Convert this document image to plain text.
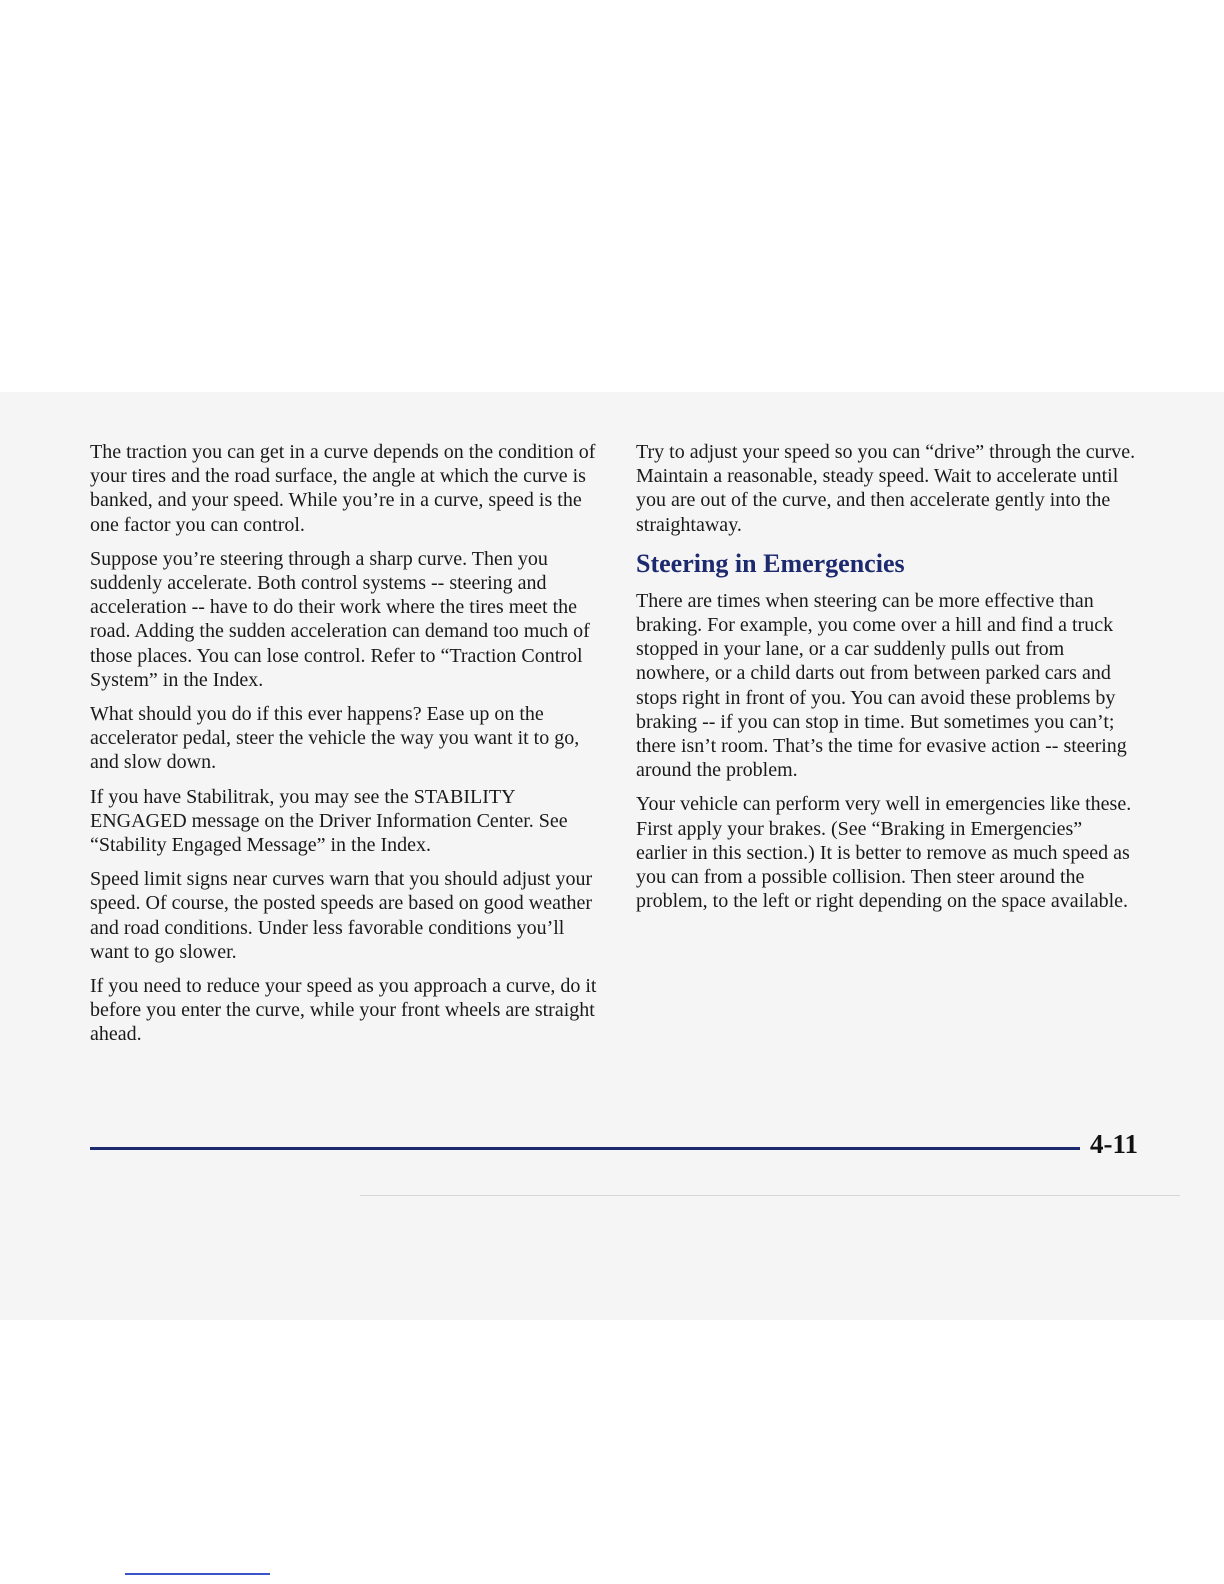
The traction you can get in a curve depends on the condition of your tires and the road surface, the angle at which the curve is banked, and your speed. While you’re in a curve, speed is the one factor you can control.

Suppose you’re steering through a sharp curve. Then you suddenly accelerate. Both control systems -- steering and acceleration -- have to do their work where the tires meet the road. Adding the sudden acceleration can demand too much of those places. You can lose control. Refer to “Traction Control System” in the Index.

What should you do if this ever happens? Ease up on the accelerator pedal, steer the vehicle the way you want it to go, and slow down.

If you have Stabilitrak, you may see the STABILITY ENGAGED message on the Driver Information Center. See “Stability Engaged Message” in the Index.

Speed limit signs near curves warn that you should adjust your speed. Of course, the posted speeds are based on good weather and road conditions. Under less favorable conditions you’ll want to go slower.

If you need to reduce your speed as you approach a curve, do it before you enter the curve, while your front wheels are straight ahead.

Try to adjust your speed so you can “drive” through the curve. Maintain a reasonable, steady speed. Wait to accelerate until you are out of the curve, and then accelerate gently into the straightaway.

Steering in Emergencies

There are times when steering can be more effective than braking. For example, you come over a hill and find a truck stopped in your lane, or a car suddenly pulls out from nowhere, or a child darts out from between parked cars and stops right in front of you. You can avoid these problems by braking -- if you can stop in time. But sometimes you can’t; there isn’t room. That’s the time for evasive action -- steering around the problem.

Your vehicle can perform very well in emergencies like these. First apply your brakes. (See “Braking in Emergencies” earlier in this section.) It is better to remove as much speed as you can from a possible collision. Then steer around the problem, to the left or right depending on the space available.

4-11
